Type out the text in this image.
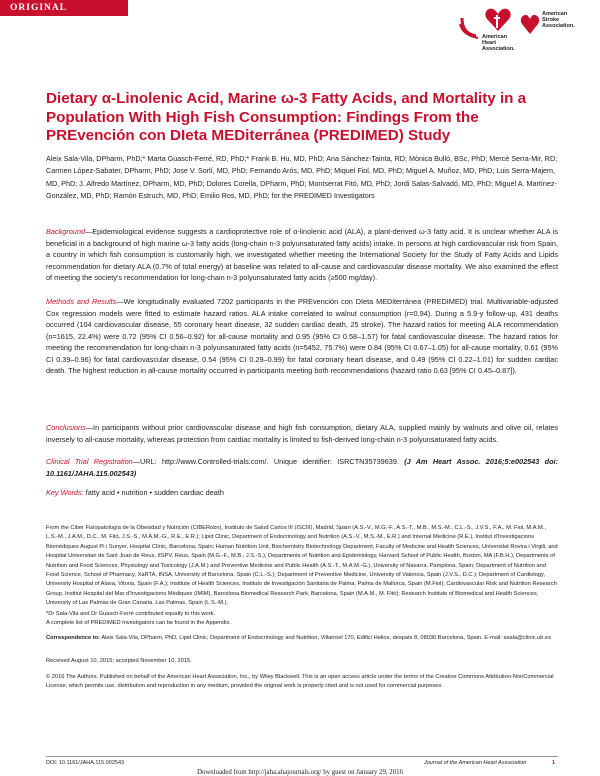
ORIGINAL RESEARCH
American
Heart
Association.
American
Stroke
Association.
Dietary α-Linolenic Acid, Marine ω-3 Fatty Acids, and Mortality in a Population With High Fish Consumption: Findings From the PREvención con DIeta MEDiterránea (PREDIMED) Study
Aleix Sala-Vila, DPharm, PhD;* Marta Guasch-Ferré, RD, PhD;* Frank B. Hu, MD, PhD; Ana Sánchez-Tainta, RD; Mònica Bulló, BSc, PhD; Mercè Serra-Mir, RD; Carmen López-Sabater, DPharm, PhD; Jose V. Sorlí, MD, PhD; Fernando Arós, MD, PhD; Miquel Fiol, MD, PhD; Miguel A. Muñoz, MD, PhD; Luis Serra-Majem, MD, PhD; J. Alfredo Martínez, DPharm, MD, PhD; Dolores Corella, DPharm, PhD; Montserrat Fitó, MD, PhD; Jordi Salas-Salvadó, MD, PhD; Miguel A. Martínez-González, MD, PhD; Ramón Estruch, MD, PhD; Emilio Ros, MD, PhD; for the PREDIMED Investigators
Background—Epidemiological evidence suggests a cardioprotective role of α-linolenic acid (ALA), a plant-derived ω-3 fatty acid. It is unclear whether ALA is beneficial in a background of high marine ω-3 fatty acids (long-chain n-3 polyunsaturated fatty acids) intake. In persons at high cardiovascular risk from Spain, a country in which fish consumption is customarily high, we investigated whether meeting the International Society for the Study of Fatty Acids and Lipids recommendation for dietary ALA (0.7% of total energy) at baseline was related to all-cause and cardiovascular disease mortality. We also examined the effect of meeting the society's recommendation for long-chain n-3 polyunsaturated fatty acids (≥500 mg/day).
Methods and Results—We longitudinally evaluated 7202 participants in the PREvención con DIeta MEDiterránea (PREDIMED) trial. Multivariable-adjusted Cox regression models were fitted to estimate hazard ratios. ALA intake correlated to walnut consumption (r=0.94). During a 5.9-y follow-up, 431 deaths occurred (104 cardiovascular disease, 55 coronary heart disease, 32 sudden cardiac death, 25 stroke). The hazard ratios for meeting ALA recommendation (n=1615, 22.4%) were 0.72 (95% CI 0.56–0.92) for all-cause mortality and 0.95 (95% CI 0.58–1.57) for fatal cardiovascular disease. The hazard ratios for meeting the recommendation for long-chain n-3 polyunsaturated fatty acids (n=5452, 75.7%) were 0.84 (95% CI 0.67–1.05) for all-cause mortality, 0.61 (95% CI 0.39–0.96) for fatal cardiovascular disease, 0.54 (95% CI 0.29–0.99) for fatal coronary heart disease, and 0.49 (95% CI 0.22–1.01) for sudden cardiac death. The highest reduction in all-cause mortality occurred in participants meeting both recommendations (hazard ratio 0.63 [95% CI 0.45–0.87]).
Conclusions—In participants without prior cardiovascular disease and high fish consumption, dietary ALA, supplied mainly by walnuts and olive oil, relates inversely to all-cause mortality, whereas protection from cardiac mortality is limited to fish-derived long-chain n-3 polyunsaturated fatty acids.
Clinical Trial Registration—URL: http://www.Controlled-trials.com/. Unique identifier: ISRCTN35739639. (J Am Heart Assoc. 2016;5:e002543 doi: 10.1161/JAHA.115.002543)
Key Words: fatty acid • nutrition • sudden cardiac death
From the Ciber Fisiopatología de la Obesidad y Nutrición (CIBERobn), Instituto de Salud Carlos III (ISCIII), Madrid, Spain (A.S.-V., M.G.-F., A.S.-T., M.B., M.S.-M., C.L.-S., J.V.S., F.A., M. Fiol, M.A.M., L.S.-M., J.A.M., D.C., M. Fitó, J.S.-S., M.A.M.-G., R.E., E.R.); Lipid Clinic, Department of Endocrinology and Nutrition (A.S.-V., M.S.-M., E.R.) and Internal Medicine (R.E.), Institut d'Investigacions Biomèdiques August Pi i Sunyer, Hospital Clínic, Barcelona, Spain; Human Nutrition Unit, Biochemistry Biotechnology Department, Faculty of Medicine and Health Sciences, Universitat Rovira i Virgili, and Hospital Universitari de Sant Joan de Reus, IISPV, Reus, Spain (M.G.-F., M.B., J.S.-S.); Departments of Nutrition and Epidemiology, Harvard School of Public Health, Boston, MA (F.B.H.); Departments of Nutrition and Food Sciences, Physiology and Toxicology (J.A.M.) and Preventive Medicine and Public Health (A.S.-T., M.A.M.-G.), University of Navarra, Pamplona, Spain; Department of Nutrition and Food Science, School of Pharmacy, XaRTA, INSA, University of Barcelona, Spain (C.L.-S.); Department of Preventive Medicine, University of Valencia, Spain (J.V.S., D.C.); Department of Cardiology, University Hospital of Alava, Vitoria, Spain (F.A.); Institute of Health Sciences, Instituto de Investigación Sanitaria de Palma, Palma de Mallorca, Spain (M.Fiol); Cardiovascular Risk and Nutrition Research Group, Institut Hospital del Mar d'Investigacions Mèdiques (IMIM), Barcelona Biomedical Research Park, Barcelona, Spain (M.A.M., M. Fitó); Research Institute of Biomedical and Health Sciences, University of Las Palmas de Gran Canaria, Las Palmas, Spain (L.S.-M.).
*Dr Sala-Vila and Dr Guasch-Ferré contributed equally to this work.
A complete list of PREDIMED Investigators can be found in the Appendix.
Correspondence to: Aleix Sala-Vila, DPharm, PhD, Lipid Clinic, Department of Endocrinology and Nutrition, Villarroel 170, Edifici Helios, despatx 8, 08036 Barcelona, Spain. E-mail: asala@clinic.ub.es
Received August 10, 2015; accepted November 10, 2015.
© 2016 The Authors. Published on behalf of the American Heart Association, Inc., by Wiley Blackwell. This is an open access article under the terms of the Creative Commons Attribution-NonCommercial License, which permits use, distribution and reproduction in any medium, provided the original work is properly cited and is not used for commercial purposes.
DOI: 10.1161/JAHA.115.002543	Journal of the American Heart Association	1
Downloaded from http://jaha.ahajournals.org/ by guest on January 29, 2016
